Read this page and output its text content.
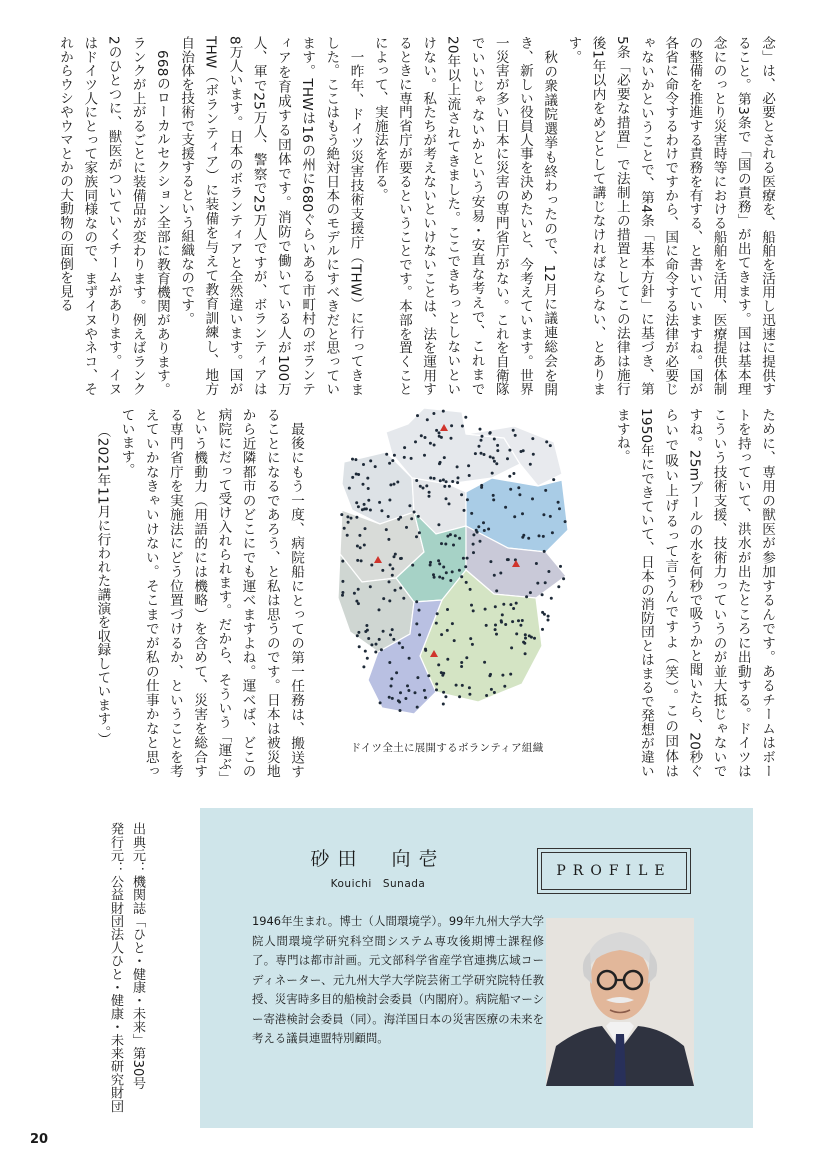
念」は、必要とされる医療を、船舶を活用し迅速に提供すること。第3条で「国の責務」が出てきます。国は基本理念にのっとり災害時等における船舶を活用、医療提供体制の整備を推進する責務を有する、と書いていますね。国が各省に命令するわけですから、国に命令する法律が必要じゃないかということで、第4条「基本方針」に基づき、第5条「必要な措置」で法制上の措置としてこの法律は施行後1年以内をめどとして講じなければならない、とあります。

秋の衆議院選挙も終わったので、12月に議連総会を開き、新しい役員人事を決めたいと、今考えています。世界一災害が多い日本に災害の専門省庁がない。これを自衛隊でいいじゃないかという安易・安直な考えで、これまで20年以上流されてきました。ここできちっとしないといけない。私たちが考えないといけないことは、法を運用するときに専門省庁が要るということです。本部を置くことによって、実施法を作る。

一昨年、ドイツ災害技術支援庁（THW）に行ってきました。ここはもう絶対日本のモデルにすべきだと思っています。THWは16の州に680ぐらいある市町村のボランティアを育成する団体です。消防で働いている人が100万人、軍で25万人、警察で25万人ですが、ボランティアは8万人います。日本のボランティアと全然違います。国がTHW（ボランティア）に装備を与えて教育訓練し、地方自治体を技術で支援するという組織なのです。

668のローカルセクション全部に教育機関があります。ランクが上がるごとに装備品が変わります。例えばランク2のひとつに、獣医がついていくチームがあります。イヌはドイツ人にとって家族同様なので、まずイヌやネコ、それからウシやウマとかの大動物の面倒を見る

ために、専用の獣医が参加するんです。あるチームはボートを持っていて、洪水が出たところに出動する。ドイツはこういう技術支援、技術力っていうのが並大抵じゃないですね。25mプールの水を何秒で吸うかと聞いたら、20秒ぐらいで吸い上げるって言うんですよ（笑）。この団体は1950年にできていて、日本の消防団とはまるで発想が違いますね。

ドイツ全土に展開するボランティア組織

最後にもう一度、病院船にとっての第一任務は、搬送することになるであろう、と私は思うのです。日本は被災地から近隣都市のどこにでも運べますよね。運べば、どこの病院にだって受け入れられます。だから、そういう「運ぶ」という機動力（用語的には機略）を含めて、災害を総合する専門省庁を実施法にどう位置づけるか、ということを考えていかなきゃいけない。そこまでが私の仕事かなと思っています。

（2021年11月に行われた講演を収録しています。）

出典元：機関誌「ひと・健康・未来」第30号
発行元：公益財団法人ひと・健康・未来研究財団	砂田　向壱
Kouichi　Sunada
PROFILE
1946年生まれ。博士（人間環境学）。99年九州大学大学院人間環境学研究科空間システム専攻後期博士課程修了。専門は都市計画。元文部科学省産学官連携広域コーディネーター、元九州大学大学院芸術工学研究院特任教授、災害時多目的船検討会委員（内閣府）。病院船マーシー寄港検討会委員（同）。海洋国日本の災害医療の未来を考える議員連盟特別顧問。
20
